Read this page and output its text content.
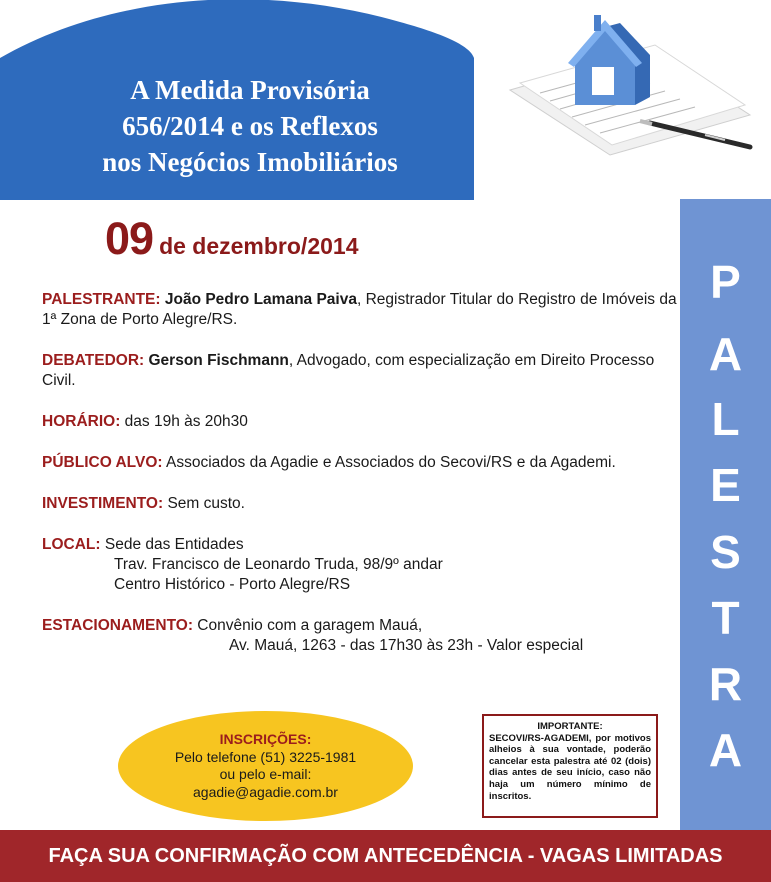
A Medida Provisória
656/2014 e os Reflexos
nos Negócios Imobiliários
09 de dezembro/2014

PALESTRANTE: João Pedro Lamana Paiva, Registrador Titular do Registro de Imóveis da 1ª Zona de Porto Alegre/RS.

DEBATEDOR: Gerson Fischmann, Advogado, com especialização em Direito Processo Civil.

HORÁRIO: das 19h às 20h30

PÚBLICO ALVO: Associados da Agadie e Associados do Secovi/RS e da Agademi.

INVESTIMENTO: Sem custo.

LOCAL: Sede das Entidades
Trav. Francisco de Leonardo Truda, 98/9º andar
Centro Histórico - Porto Alegre/RS
ESTACIONAMENTO: Convênio com a garagem Mauá,
Av. Mauá, 1263 - das 17h30 às 23h - Valor especial
P
A
L
E
S
T
R
A
INSCRIÇÕES:
Pelo telefone (51) 3225-1981
ou pelo e-mail:
agadie@agadie.com.br
IMPORTANTE:
SECOVI/RS-AGADEMI, por motivos alheios à sua vontade, poderão cancelar esta palestra até 02 (dois) dias antes de seu início, caso não haja um número mínimo de inscritos.
FAÇA SUA CONFIRMAÇÃO COM ANTECEDÊNCIA - VAGAS LIMITADAS
